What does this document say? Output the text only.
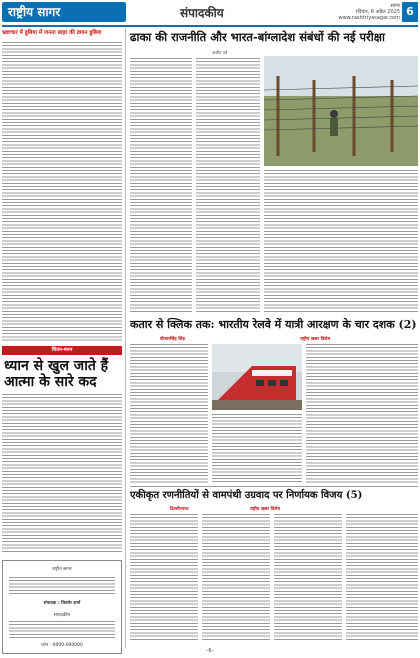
राष्ट्रीय सागर	संपादकीय	सागर
रविवार, 6 अप्रैल 2025
www.rashtriyasagar.com 6
भ्रष्टाचार में डूबिया में जनता बाहर की डायन डूबिया
चिंतन-मनन
ध्यान से खुल जाते हैं आत्मा के सारे कद
राष्ट्रीय सागर
संपादक : किशोर शर्मा
संपादकीय
फोन : 0000-000000
ढाका की राजनीति और भारत-बांग्लादेश संबंधों की नई परीक्षा
अजीत पर्व
कतार से क्लिक तक: भारतीय रेलवे में यात्री आरक्षण के चार दशक (2)
बीजारसिंह सिंह	राष्ट्रीय खबर विशेष
एकीकृत रणनीतियों से वामपंथी उग्रवाद पर निर्णायक विजय (5)
दिल्लीभारत	राष्ट्रीय खबर विशेष
-6-
